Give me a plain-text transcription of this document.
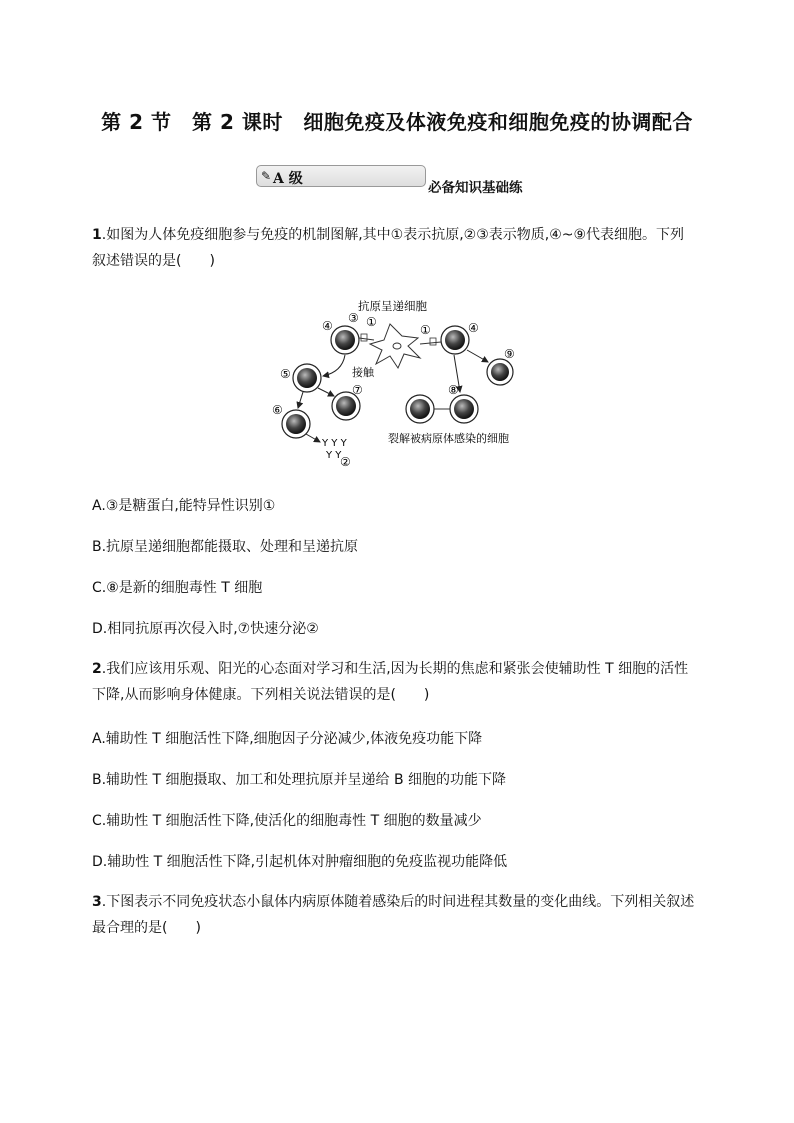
第 2 节　第 2 课时　细胞免疫及体液免疫和细胞免疫的协调配合
✎ A 级
必备知识基础练
1.如图为人体免疫细胞参与免疫的机制图解,其中①表示抗原,②③表示物质,④~⑨代表细胞。下列
叙述错误的是(　　)
抗原呈递细胞
接触
Y Y Y
Y Y
裂解被病原体感染的细胞
③ ①
①
④	④
⑤
⑦
⑥
②
⑧
⑨
A.③是糖蛋白,能特异性识别①
B.抗原呈递细胞都能摄取、处理和呈递抗原
C.⑧是新的细胞毒性 T 细胞
D.相同抗原再次侵入时,⑦快速分泌②
2.我们应该用乐观、阳光的心态面对学习和生活,因为长期的焦虑和紧张会使辅助性 T 细胞的活性
下降,从而影响身体健康。下列相关说法错误的是(　　)
A.辅助性 T 细胞活性下降,细胞因子分泌减少,体液免疫功能下降
B.辅助性 T 细胞摄取、加工和处理抗原并呈递给 B 细胞的功能下降
C.辅助性 T 细胞活性下降,使活化的细胞毒性 T 细胞的数量减少
D.辅助性 T 细胞活性下降,引起机体对肿瘤细胞的免疫监视功能降低
3.下图表示不同免疫状态小鼠体内病原体随着感染后的时间进程其数量的变化曲线。下列相关叙述
最合理的是(　　)
